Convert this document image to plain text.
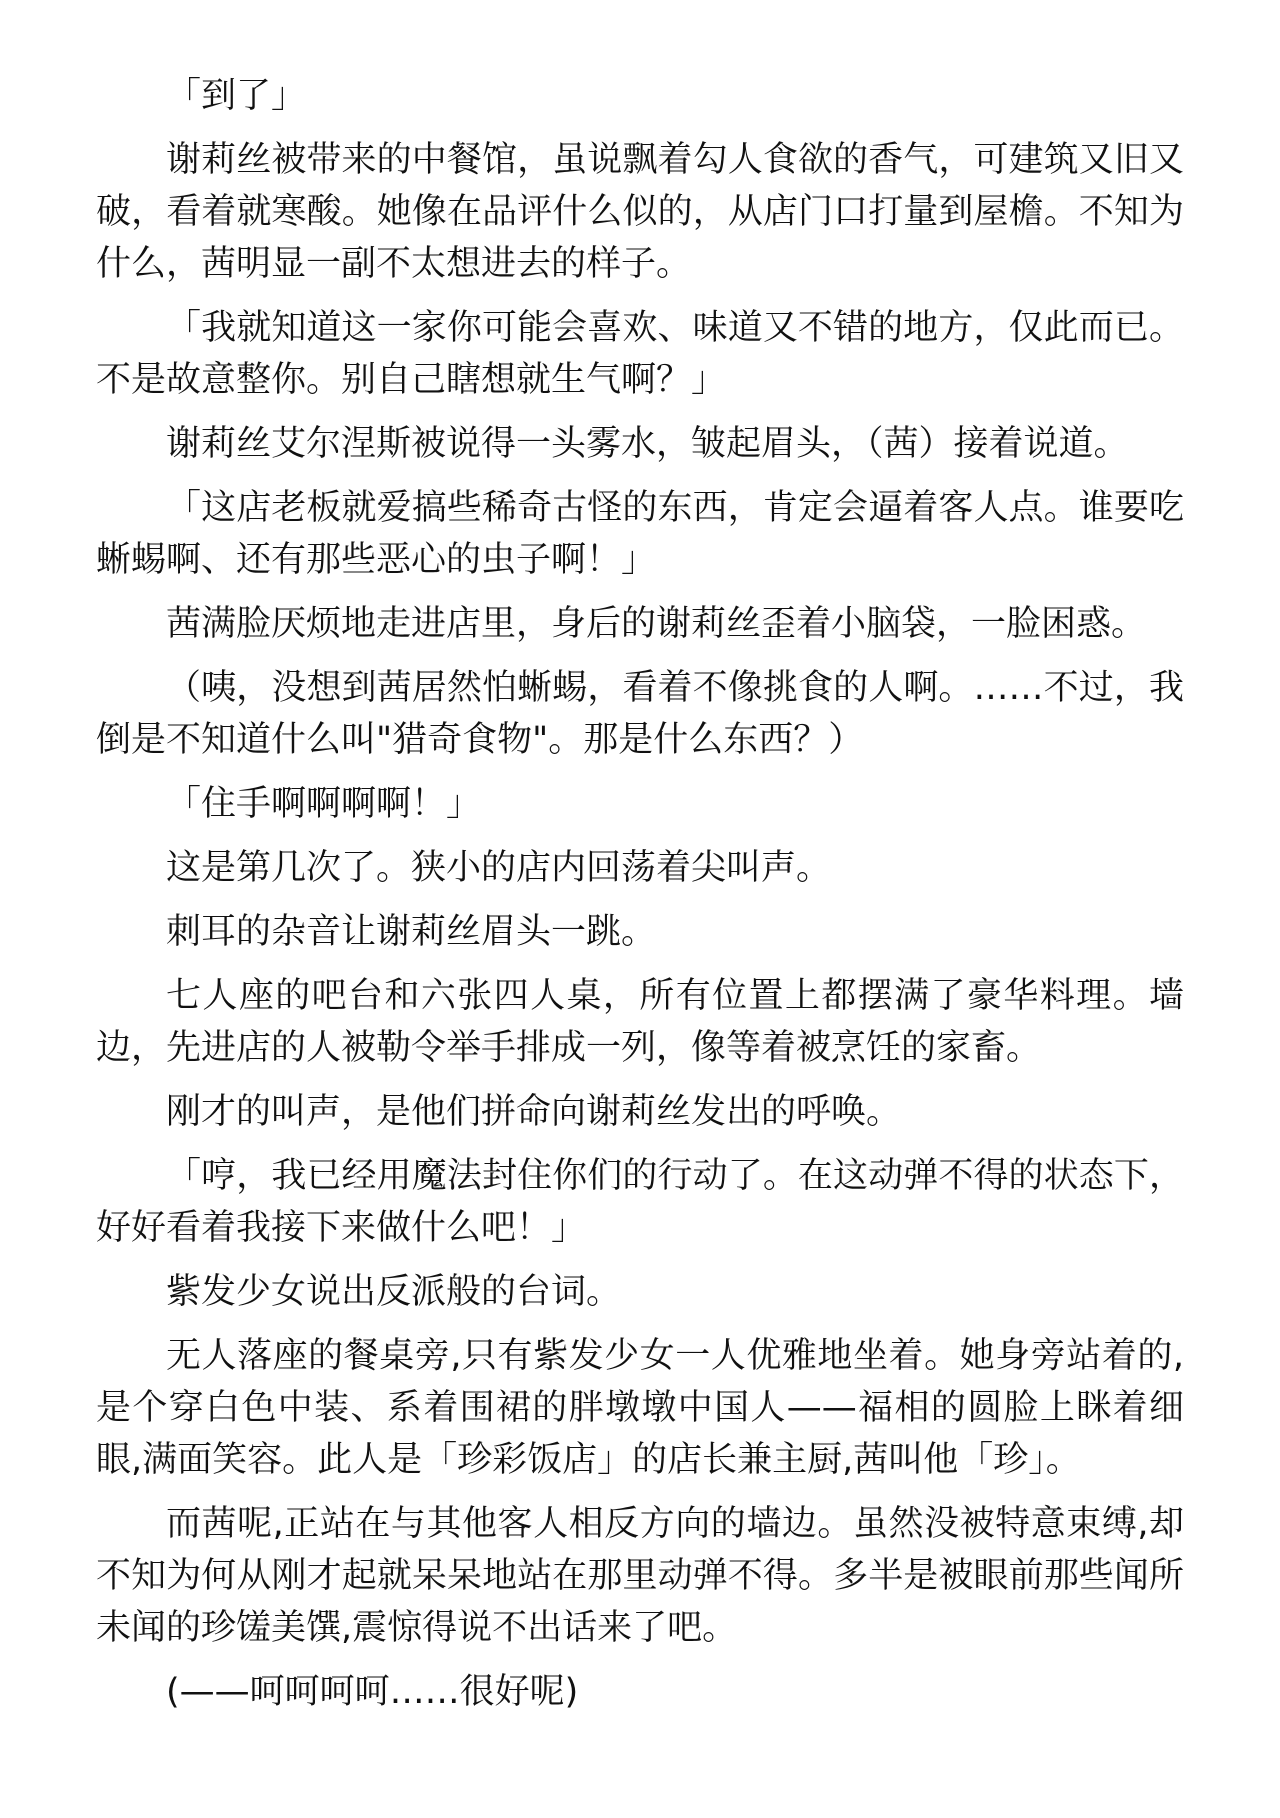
「到了」

谢莉丝被带来的中餐馆，虽说飘着勾人食欲的香气，可建筑又旧又破，看着就寒酸。她像在品评什么似的，从店门口打量到屋檐。不知为什么，茜明显一副不太想进去的样子。

「我就知道这一家你可能会喜欢、味道又不错的地方，仅此而已。不是故意整你。别自己瞎想就生气啊？」

谢莉丝艾尔涅斯被说得一头雾水，皱起眉头，（茜）接着说道。

「这店老板就爱搞些稀奇古怪的东西，肯定会逼着客人点。谁要吃蜥蜴啊、还有那些恶心的虫子啊！」

茜满脸厌烦地走进店里，身后的谢莉丝歪着小脑袋，一脸困惑。

（咦，没想到茜居然怕蜥蜴，看着不像挑食的人啊。……不过，我倒是不知道什么叫"猎奇食物"。那是什么东西？）

「住手啊啊啊啊！」

这是第几次了。狭小的店内回荡着尖叫声。

刺耳的杂音让谢莉丝眉头一跳。

七人座的吧台和六张四人桌，所有位置上都摆满了豪华料理。墙边，先进店的人被勒令举手排成一列，像等着被烹饪的家畜。

刚才的叫声，是他们拼命向谢莉丝发出的呼唤。

「哼，我已经用魔法封住你们的行动了。在这动弹不得的状态下，好好看着我接下来做什么吧！」

紫发少女说出反派般的台词。

无人落座的餐桌旁,只有紫发少女一人优雅地坐着。她身旁站着的,是个穿白色中装、系着围裙的胖墩墩中国人——福相的圆脸上眯着细眼,满面笑容。此人是「珍彩饭店」的店长兼主厨,茜叫他「珍」。

而茜呢,正站在与其他客人相反方向的墙边。虽然没被特意束缚,却不知为何从刚才起就呆呆地站在那里动弹不得。多半是被眼前那些闻所未闻的珍馐美馔,震惊得说不出话来了吧。

(——呵呵呵呵……很好呢)
